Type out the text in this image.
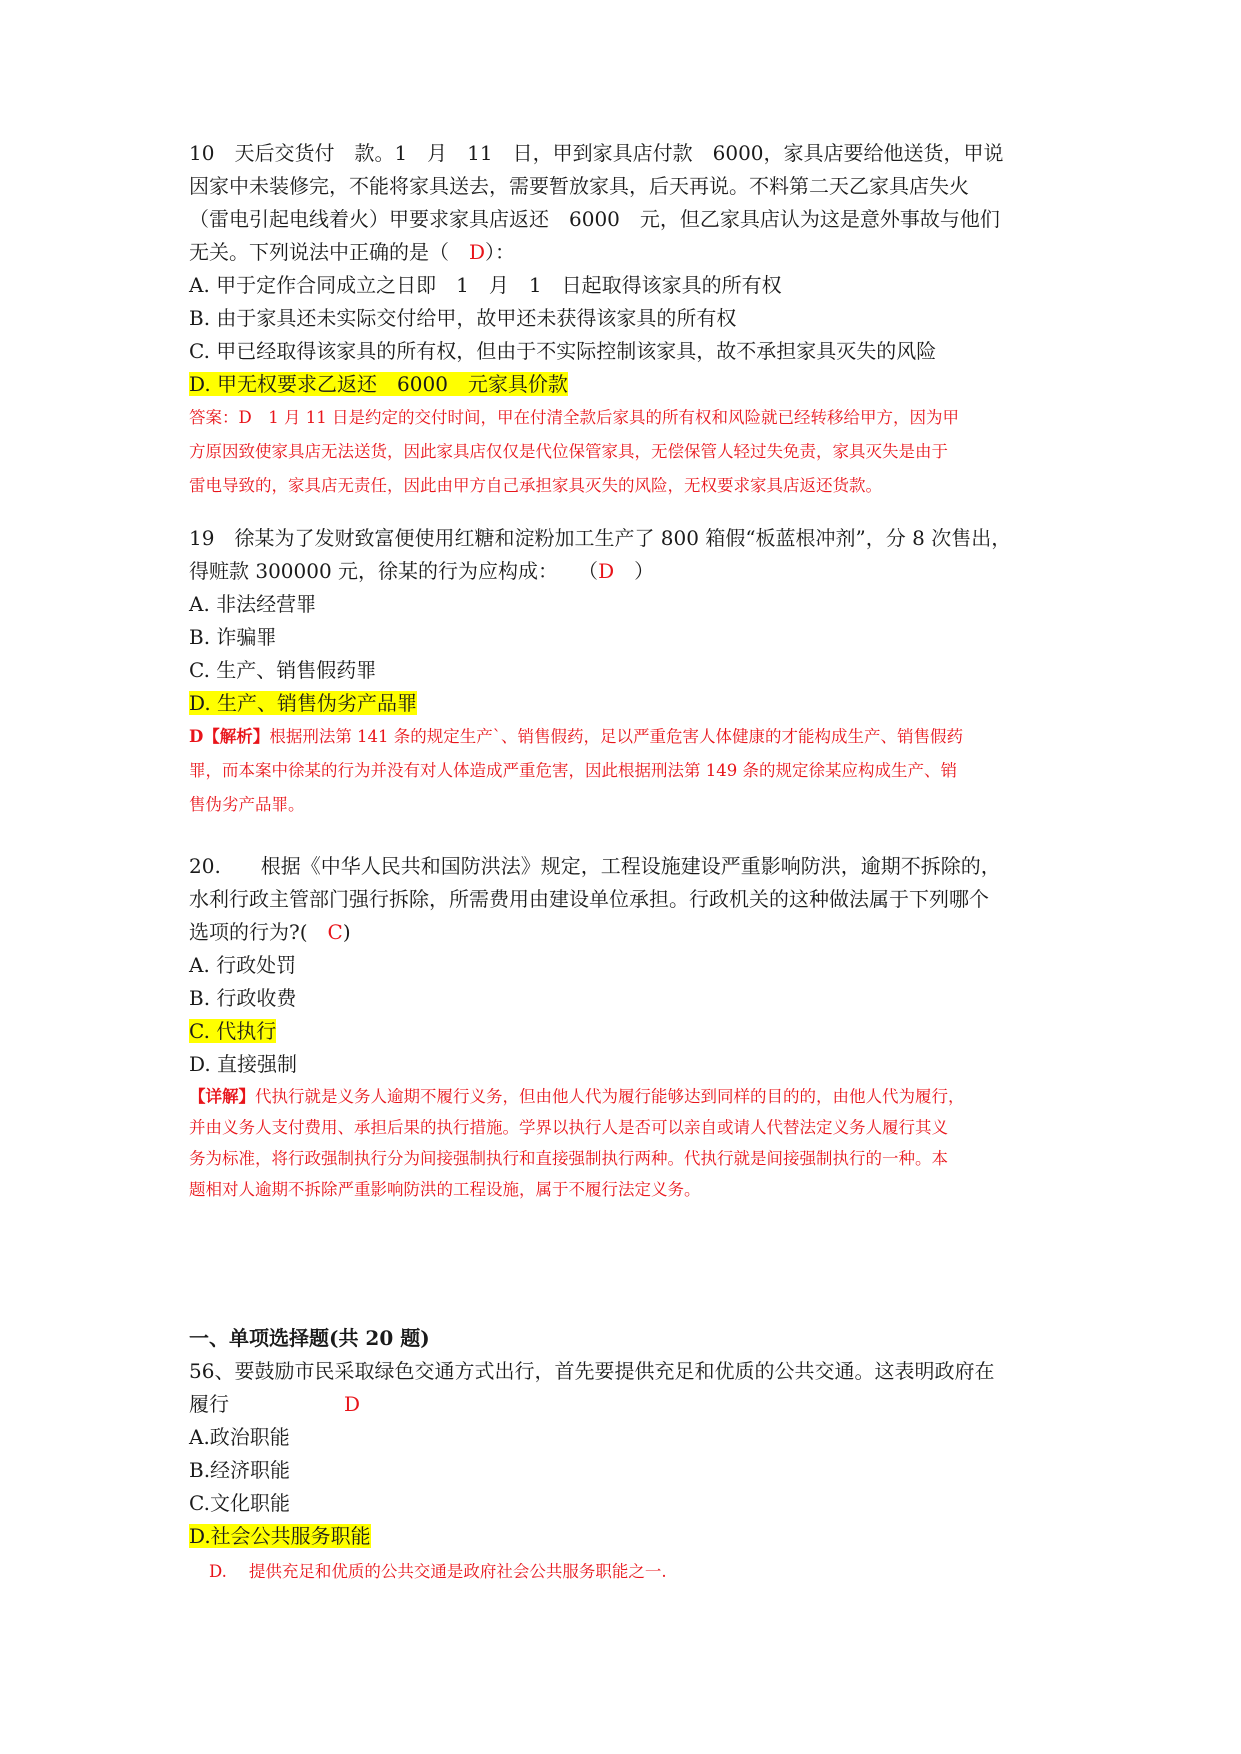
10　天后交货付　款。1　月　11　日，甲到家具店付款　6000，家具店要给他送货，甲说
因家中未装修完，不能将家具送去，需要暂放家具，后天再说。不料第二天乙家具店失火
（雷电引起电线着火）甲要求家具店返还　6000　元，但乙家具店认为这是意外事故与他们
无关。下列说法中正确的是（　D）：
A. 甲于定作合同成立之日即　1　月　1　日起取得该家具的所有权
B. 由于家具还未实际交付给甲，故甲还未获得该家具的所有权
C. 甲已经取得该家具的所有权，但由于不实际控制该家具，故不承担家具灭失的风险
D. 甲无权要求乙返还　6000　元家具价款
答案：D　1 月 11 日是约定的交付时间，甲在付清全款后家具的所有权和风险就已经转移给甲方，因为甲
方原因致使家具店无法送货，因此家具店仅仅是代位保管家具，无偿保管人轻过失免责，家具灭失是由于
雷电导致的，家具店无责任，因此由甲方自己承担家具灭失的风险，无权要求家具店返还货款。
19　徐某为了发财致富便使用红糖和淀粉加工生产了 800 箱假“板蓝根冲剂”，分 8 次售出，
得赃款 300000 元，徐某的行为应构成：　　（D　）
A. 非法经营罪
B. 诈骗罪
C. 生产、销售假药罪
D. 生产、销售伪劣产品罪
D【解析】根据刑法第 141 条的规定生产`、销售假药，足以严重危害人体健康的才能构成生产、销售假药
罪，而本案中徐某的行为并没有对人体造成严重危害，因此根据刑法第 149 条的规定徐某应构成生产、销
售伪劣产品罪。
20.　　根据《中华人民共和国防洪法》规定，工程设施建设严重影响防洪，逾期不拆除的，
水利行政主管部门强行拆除，所需费用由建设单位承担。行政机关的这种做法属于下列哪个
选项的行为?(　C)
A. 行政处罚
B. 行政收费
C. 代执行
D. 直接强制
【详解】代执行就是义务人逾期不履行义务，但由他人代为履行能够达到同样的目的的，由他人代为履行，
并由义务人支付费用、承担后果的执行措施。学界以执行人是否可以亲自或请人代替法定义务人履行其义
务为标准，将行政强制执行分为间接强制执行和直接强制执行两种。代执行就是间接强制执行的一种。本
题相对人逾期不拆除严重影响防洪的工程设施，属于不履行法定义务。
一、单项选择题(共 20 题)
56、要鼓励市民采取绿色交通方式出行，首先要提供充足和优质的公共交通。这表明政府在
履行	D
A.政治职能
B.经济职能
C.文化职能
D.社会公共服务职能
D. 提供充足和优质的公共交通是政府社会公共服务职能之一.
